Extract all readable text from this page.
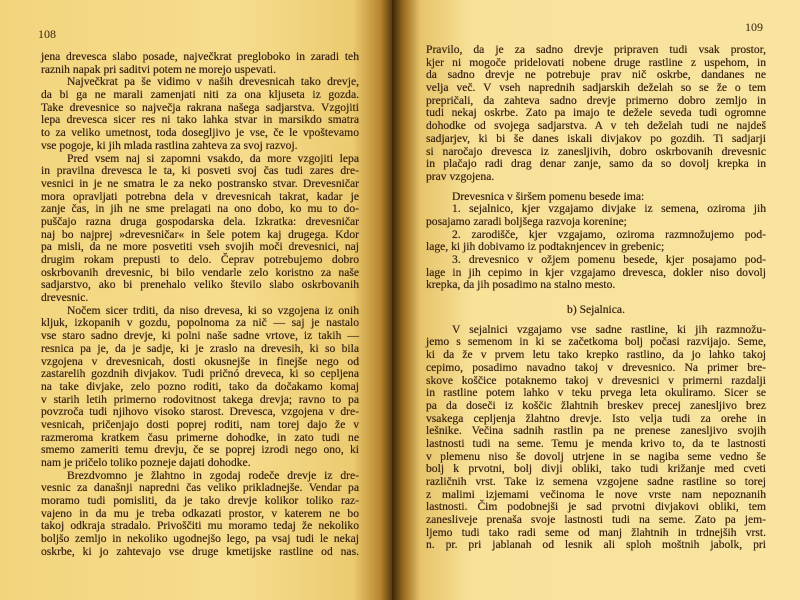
108
jena drevesca slabo posade, največkrat pregloboko in zaradi teh
raznih napak pri saditvi potem ne morejo uspevati.
Največkrat pa še vidimo v naših drevesnicah tako drevje,
da bi ga ne marali zamenjati niti za ona kljuseta iz gozda.
Take drevesnice so največja rakrana našega sadjarstva. Vzgojiti
lepa drevesca sicer res ni tako lahka stvar in marsikdo smatra
to za veliko umetnost, toda dosegljivo je vse, če le vpoštevamo
vse pogoje, ki jih mlada rastlina zahteva za svoj razvoj.
Pred vsem naj si zapomni vsakdo, da more vzgojiti lepa
in pravilna drevesca le ta, ki posveti svoj čas tudi zares dre-
vesnici in je ne smatra le za neko postransko stvar. Drevesničar
mora opravljati potrebna dela v drevesnicah takrat, kadar je
zanje čas, in jih ne sme prelagati na ono dobo, ko mu to do-
puščajo razna druga gospodarska dela. Izkratka: drevesničar
naj bo najprej »drevesničar« in šele potem kaj drugega. Kdor
pa misli, da ne more posvetiti vseh svojih moči drevesnici, naj
drugim rokam prepusti to delo. Čeprav potrebujemo dobro
oskrbovanih drevesnic, bi bilo vendarle zelo koristno za naše
sadjarstvo, ako bi prenehalo veliko število slabo oskrbovanih
drevesnic.
Nočem sicer trditi, da niso drevesa, ki so vzgojena iz onih
kljuk, izkopanih v gozdu, popolnoma za nič — saj je nastalo
vse staro sadno drevje, ki polni naše sadne vrtove, iz takih —
resnica pa je, da je sadje, ki je zraslo na drevesih, ki so bila
vzgojena v drevesnicah, dosti okusnejše in finejše nego od
zastarelih gozdnih divjakov. Tudi pričnó dreveca, ki so cepljena
na take divjake, zelo pozno roditi, tako da dočakamo komaj
v starih letih primerno rodovitnost takega drevja; ravno to pa
povzroča tudi njihovo visoko starost. Drevesca, vzgojena v dre-
vesnicah, pričenjajo dosti poprej roditi, nam torej dajo že v
razmeroma kratkem času primerne dohodke, in zato tudi ne
smemo zameriti temu drevju, če se poprej izrodi nego ono, ki
nam je pričelo toliko pozneje dajati dohodke.
Brezdvomno je žlahtno in zgodaj rodeče drevje iz dre-
vesnic za današnji napredni čas veliko prikladnejše. Vendar pa
moramo tudi pomisliti, da je tako drevje kolikor toliko raz-
vajeno in da mu je treba odkazati prostor, v katerem ne bo
takoj odkraja stradalo. Privoščiti mu moramo tedaj že nekoliko
boljšo zemljo in nekoliko ugodnejšo lego, pa vsaj tudi le nekaj
oskrbe, ki jo zahtevajo vse druge kmetijske rastline od nas.
109
Pravilo, da je za sadno drevje pripraven tudi vsak prostor,
kjer ni mogoče pridelovati nobene druge rastline z uspehom, in
da sadno drevje ne potrebuje prav nič oskrbe, dandanes ne
velja več. V vseh naprednih sadjarskih deželah so se že o tem
prepričali, da zahteva sadno drevje primerno dobro zemljo in
tudi nekaj oskrbe. Zato pa imajo te dežele seveda tudi ogromne
dohodke od svojega sadjarstva. A v teh deželah tudi ne najdeš
sadjarjev, ki bi še danes iskali divjakov po gozdih. Ti sadjarji
si naročajo drevesca iz zanesljivih, dobro oskrbovanih drevesnic
in plačajo radi drag denar zanje, samo da so dovolj krepka in
prav vzgojena.
Drevesnica v širšem pomenu besede ima:
1. sejalnico, kjer vzgajamo divjake iz semena, oziroma jih
posajamo zaradi boljšega razvoja korenine;
2. zarodišče, kjer vzgajamo, oziroma razmnožujemo pod-
lage, ki jih dobivamo iz podtaknjencev in grebenic;
3. drevesnico v ožjem pomenu besede, kjer posajamo pod-
lage in jih cepimo in kjer vzgajamo drevesca, dokler niso dovolj
krepka, da jih posadimo na stalno mesto.
b) Sejalnica.
V sejalnici vzgajamo vse sadne rastline, ki jih razmnožu-
jemo s semenom in ki se začetkoma bolj počasi razvijajo. Seme,
ki da že v prvem letu tako krepko rastlino, da jo lahko takoj
cepimo, posadimo navadno takoj v drevesnico. Na primer bre-
skove koščice potaknemo takoj v drevesnici v primerni razdalji
in rastline potem lahko v teku prvega leta okuliramo. Sicer se
pa da doseči iz koščic žlahtnih breskev precej zanesljivo brez
vsakega cepljenja žlahtno drevje. Isto velja tudi za orehe in
lešnike. Večina sadnih rastlin pa ne prenese zanesljivo svojih
lastnosti tudi na seme. Temu je menda krivo to, da te lastnosti
v plemenu niso še dovolj utrjene in se nagiba seme vedno še
bolj k prvotni, bolj divji obliki, tako tudi križanje med cveti
različnih vrst. Take iz semena vzgojene sadne rastline so torej
z malimi izjemami večinoma le nove vrste nam nepoznanih
lastnosti. Čim podobnejši je sad prvotni divjakovi obliki, tem
zanesliveje prenaša svoje lastnosti tudi na seme. Zato pa jem-
ljemo tudi tako radi seme od manj žlahtnih in trdnejših vrst.
n. pr. pri jablanah od lesnik ali sploh moštnih jabolk, pri
